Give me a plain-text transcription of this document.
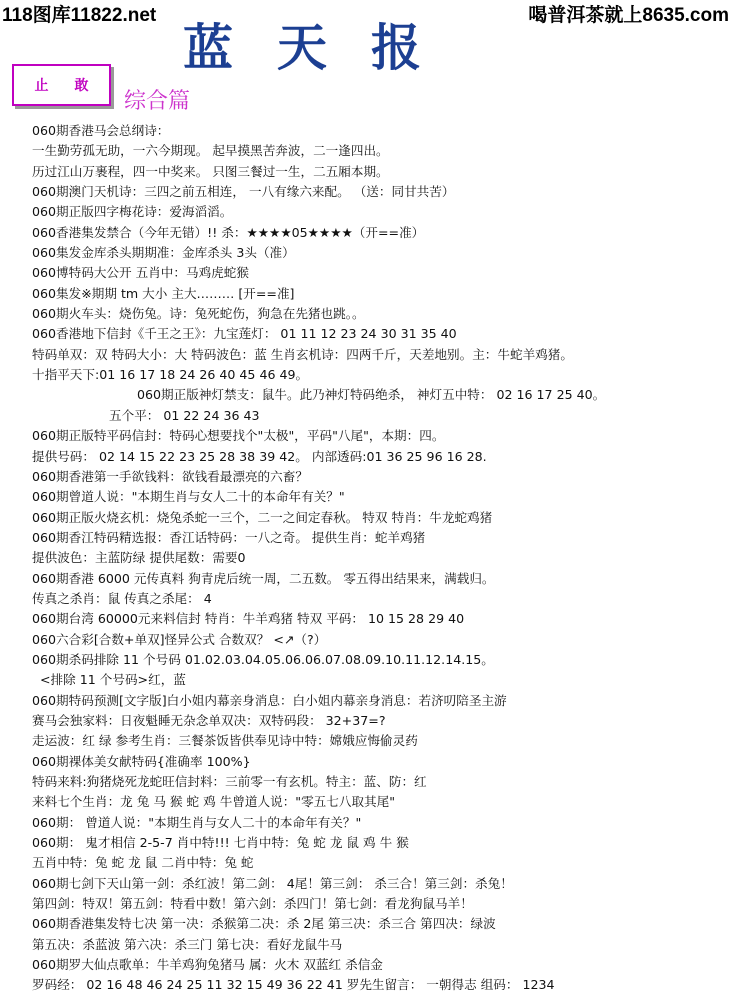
118图库11822.net	喝普洱茶就上8635.com
蓝天报
止 敢
综合篇
060期香港马会总纲诗：
一生勤劳孤无助，一六今期现。 起早摸黑苦奔波，二一逢四出。
历过江山万裹程，四一中奖来。 只图三餐过一生，二五厢本期。
060期澳门天机诗：三四之前五相连， 一八有缘六来配。 （送：同甘共苦）
060期正版四字梅花诗：爱海滔滔。
060香港集发禁合（今年无错）!! 杀：★★★★05★★★★（开==准）
060集发金库杀头期期准：金库杀头 3头（准）
060博特码大公开 五肖中：马鸡虎蛇猴
060集发※期期 tm 大小 主大……… [开==准]
060期火车头：烧伤兔。诗：兔死蛇伤，狗急在先猪也跳。。
060香港地下信封《千王之王》：九宝莲灯： 01 11 12 23 24 30 31 35 40
特码单双：双 特码大小：大 特码波色：蓝 生肖玄机诗：四两千斤，天差地别。主：牛蛇羊鸡猪。
十指平天下:01 16 17 18 24 26 40 45 46 49。
060期正版神灯禁支：鼠牛。此乃神灯特码绝杀， 神灯五中特： 02 16 17 25 40。
五个平： 01 22 24 36 43
060期正版特平码信封：特码心想要找个"太极"，平码"八尾"，本期：四。
提供号码： 02 14 15 22 23 25 28 38 39 42。 内部透码:01 36 25 96 16 28.
060期香港第一手欲钱料：欲钱看最漂亮的六畜？
060期曾道人说："本期生肖与女人二十的本命年有关？"
060期正版火烧玄机：烧兔杀蛇一三个，二一之间定春秋。 特双 特肖：牛龙蛇鸡猪
060期香江特码精选报：香江话特码：一八之奇。 提供生肖：蛇羊鸡猪
提供波色：主蓝防绿 提供尾数：需要0
060期香港 6000 元传真料 狗青虎后统一周，二五数。 零五得出结果来，满载归。
传真之杀肖：鼠 传真之杀尾： 4
060期台湾 60000元来料信封 特肖：牛羊鸡猪 特双 平码： 10 15 28 29 40
060六合彩[合数+单双]怪异公式 合数双？ <↗（?）
060期杀码排除 11 个号码 01.02.03.04.05.06.06.07.08.09.10.11.12.14.15。
<排除 11 个号码>红，蓝
060期特码预测[文字版]白小姐内幕亲身消息：白小姐内幕亲身消息：若济叨陪圣主游
赛马会独家料：日夜魁睡无杂念单双决：双特码段： 32+37=?
走运波：红 绿 参考生肖：三餐茶饭皆供奉见诗中特：嫦娥应悔偷灵药
060期裸体美女献特码{准确率 100%}
特码来料:狗猪烧死龙蛇旺信封料：三前零一有玄机。特主：蓝、防：红
来料七个生肖：龙 兔 马 猴 蛇 鸡 牛曾道人说："零五七八取其尾"
060期： 曾道人说："本期生肖与女人二十的本命年有关？"
060期： 鬼才相信 2-5-7 肖中特!!! 七肖中特：兔 蛇 龙 鼠 鸡 牛 猴
五肖中特：兔 蛇 龙 鼠 二肖中特：兔 蛇
060期七剑下天山第一剑：杀红波！第二剑： 4尾！第三剑： 杀三合！第三剑：杀兔！
第四剑：特双！第五剑：特看中数！第六剑：杀四门！第七剑：看龙狗鼠马羊！
060期香港集发特七决 第一决：杀猴第二决：杀 2尾 第三决：杀三合 第四决：绿波
第五决：杀蓝波 第六决：杀三门 第七决：看好龙鼠牛马
060期罗大仙点歌单：牛羊鸡狗兔猪马 属：火木 双蓝红 杀信金
罗码经： 02 16 48 46 24 25 11 32 15 49 36 22 41 罗先生留言： 一朝得志 组码： 1234
